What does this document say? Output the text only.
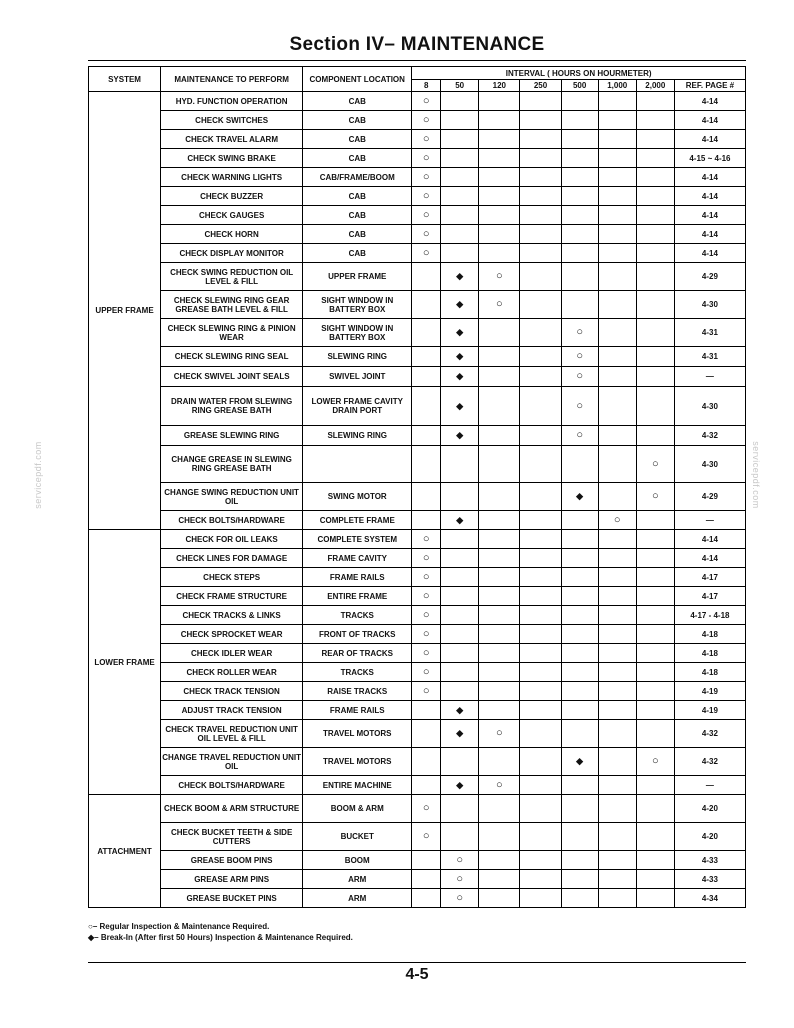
Section IV– MAINTENANCE
SYSTEM	MAINTENANCE TO PERFORM	COMPONENT LOCATION	INTERVAL ( HOURS ON HOURMETER)							
			8	50	120	250	500	1,000	2,000	REF. PAGE #
UPPER FRAME	HYD. FUNCTION OPERATION	CAB	○							4-14
	CHECK SWITCHES	CAB	○							4-14
	CHECK TRAVEL ALARM	CAB	○							4-14
	CHECK SWING BRAKE	CAB	○							4-15 ~ 4-16
	CHECK WARNING LIGHTS	CAB/FRAME/BOOM	○							4-14
	CHECK BUZZER	CAB	○							4-14
	CHECK GAUGES	CAB	○							4-14
	CHECK HORN	CAB	○							4-14
	CHECK DISPLAY MONITOR	CAB	○							4-14
	CHECK SWING REDUCTION OIL LEVEL & FILL	UPPER FRAME		◆	○					4-29
	CHECK SLEWING RING GEAR GREASE BATH LEVEL & FILL	SIGHT WINDOW IN BATTERY BOX		◆	○					4-30
	CHECK SLEWING RING & PINION WEAR	SIGHT WINDOW IN BATTERY BOX		◆			○			4-31
	CHECK SLEWING RING SEAL	SLEWING RING		◆			○			4-31
	CHECK SWIVEL JOINT SEALS	SWIVEL JOINT		◆			○			—
	DRAIN WATER FROM SLEWING RING GREASE BATH	LOWER FRAME CAVITY DRAIN PORT		◆			○			4-30
	GREASE SLEWING RING	SLEWING RING		◆			○			4-32
	CHANGE GREASE IN SLEWING RING GREASE BATH								○	4-30
	CHANGE SWING REDUCTION UNIT OIL	SWING MOTOR					◆		○	4-29
	CHECK BOLTS/HARDWARE	COMPLETE FRAME		◆				○		—
LOWER FRAME	CHECK FOR OIL LEAKS	COMPLETE SYSTEM	○							4-14
	CHECK LINES FOR DAMAGE	FRAME CAVITY	○							4-14
	CHECK STEPS	FRAME RAILS	○							4-17
	CHECK FRAME STRUCTURE	ENTIRE FRAME	○							4-17
	CHECK TRACKS & LINKS	TRACKS	○							4-17 - 4-18
	CHECK SPROCKET WEAR	FRONT OF TRACKS	○							4-18
	CHECK IDLER WEAR	REAR OF TRACKS	○							4-18
	CHECK ROLLER WEAR	TRACKS	○							4-18
	CHECK TRACK TENSION	RAISE TRACKS	○							4-19
	ADJUST TRACK TENSION	FRAME RAILS		◆						4-19
	CHECK TRAVEL REDUCTION UNIT OIL LEVEL & FILL	TRAVEL MOTORS		◆	○					4-32
	CHANGE TRAVEL REDUCTION UNIT OIL	TRAVEL MOTORS					◆		○	4-32
	CHECK BOLTS/HARDWARE	ENTIRE MACHINE		◆	○					—
ATTACHMENT	CHECK BOOM & ARM STRUCTURE	BOOM & ARM	○							4-20
	CHECK BUCKET TEETH & SIDE CUTTERS	BUCKET	○							4-20
	GREASE BOOM PINS	BOOM		○						4-33
	GREASE ARM PINS	ARM		○						4-33
	GREASE BUCKET PINS	ARM		○						4-34
○– Regular Inspection & Maintenance Required.
◆– Break-In (After first 50 Hours) Inspection & Maintenance Required.
4-5
servicepdf.com	servicepdf.com
